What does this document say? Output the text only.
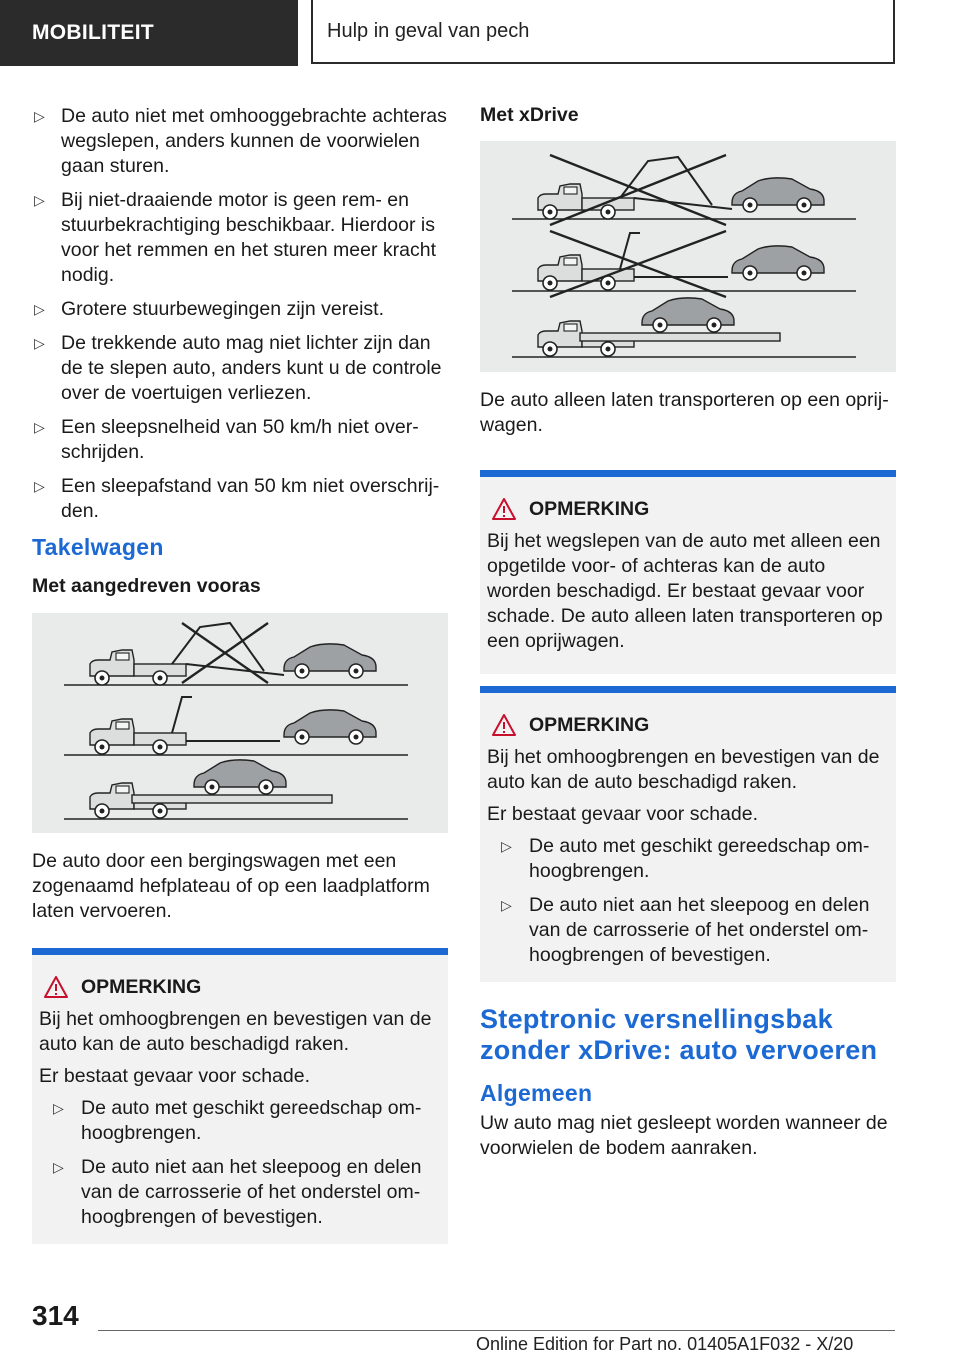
MOBILITEIT	Hulp in geval van pech
▷ De auto niet met omhooggebrachte achteras wegslepen, anders kunnen de voorwielen gaan sturen.
▷ Bij niet-draaiende motor is geen rem- en stuurbekrachtiging beschikbaar. Hierdoor is voor het remmen en het sturen meer kracht nodig.
▷ Grotere stuurbewegingen zijn vereist.
▷ De trekkende auto mag niet lichter zijn dan de te slepen auto, anders kunt u de controle over de voertuigen verliezen.
▷ Een sleepsnelheid van 50 km/h niet overschrijden.
▷ Een sleepafstand van 50 km niet overschrijden.
Takelwagen
Met aangedreven vooras

De auto door een bergingswagen met een zogenaamd hefplateau of op een laadplatform laten vervoeren.

OPMERKING

Bij het omhoogbrengen en bevestigen van de auto kan de auto beschadigd raken.

Er bestaat gevaar voor schade.

▷ De auto met geschikt gereedschap omhoogbrengen.
▷ De auto niet aan het sleepoog en delen van de carrosserie of het onderstel omhoogbrengen of bevestigen.
Met xDrive

De auto alleen laten transporteren op een oprijwagen.

OPMERKING

Bij het wegslepen van de auto met alleen een opgetilde voor- of achteras kan de auto worden beschadigd. Er bestaat gevaar voor schade. De auto alleen laten transporteren op een oprijwagen.

OPMERKING

Bij het omhoogbrengen en bevestigen van de auto kan de auto beschadigd raken.

Er bestaat gevaar voor schade.

▷ De auto met geschikt gereedschap omhoogbrengen.
▷ De auto niet aan het sleepoog en delen van de carrosserie of het onderstel omhoogbrengen of bevestigen.
Steptronic versnellingsbak zonder xDrive: auto vervoeren
Algemeen

Uw auto mag niet gesleept worden wanneer de voorwielen de bodem aanraken.

314
Online Edition for Part no. 01405A1F032 - X/20
